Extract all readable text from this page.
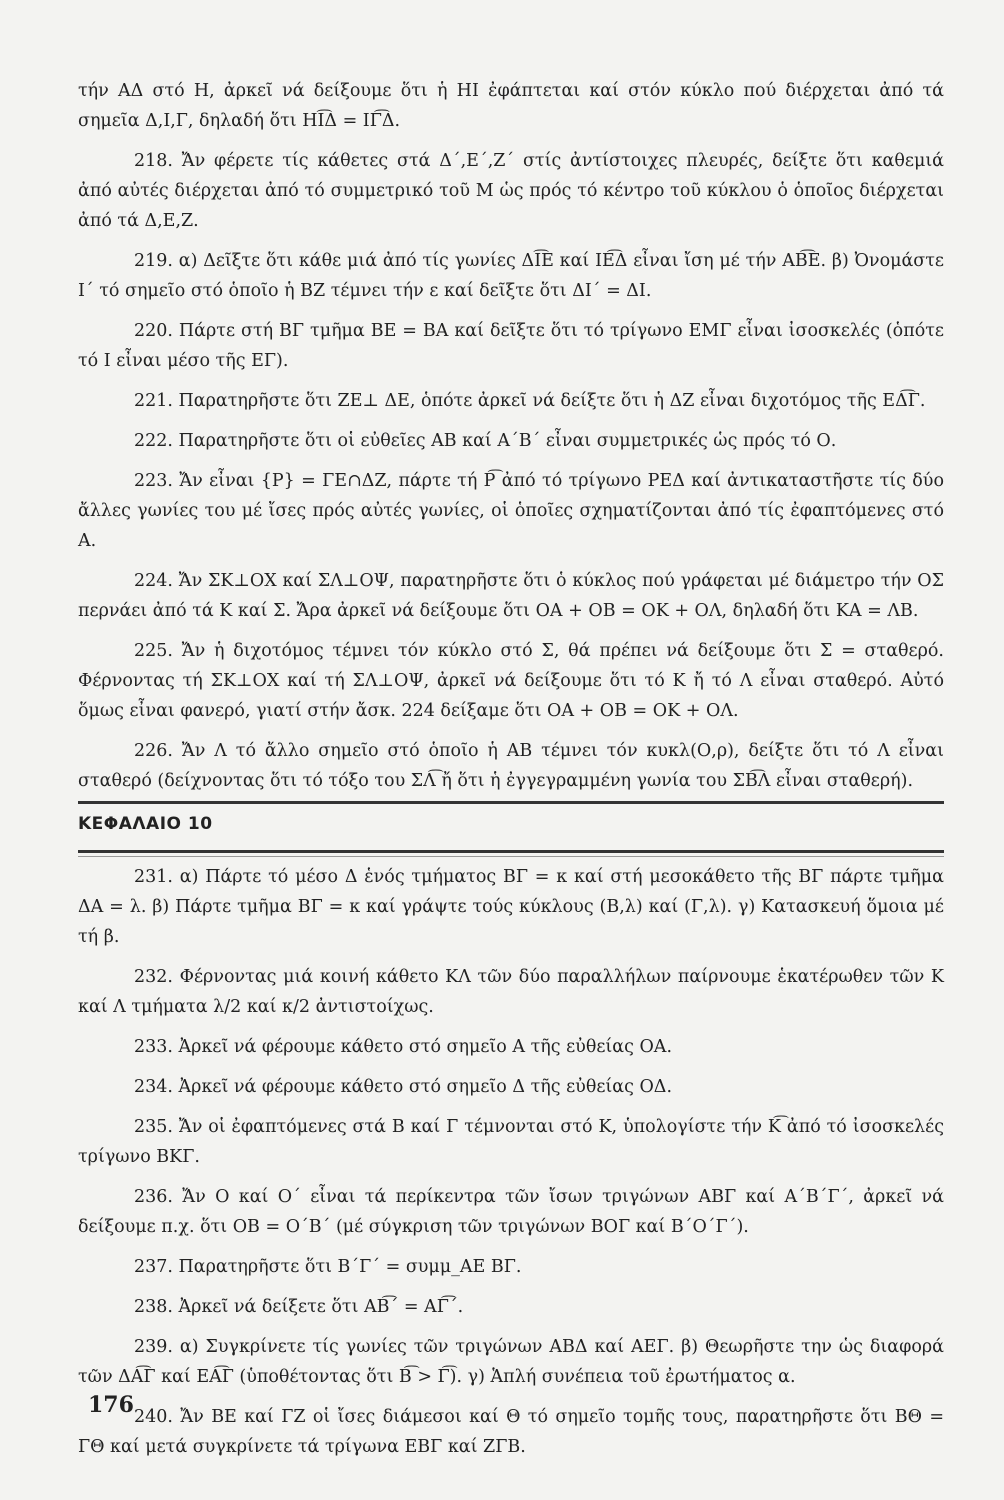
τήν ΑΔ στό Η, ἀρκεῖ νά δείξουμε ὅτι ἡ ΗΙ ἐφάπτεται καί στόν κύκλο πού διέρχεται ἀπό τά σημεῖα Δ,Ι,Γ, δηλαδή ὅτι ΗΙ͡Δ = ΙΓ͡Δ.

218. Ἄν φέρετε τίς κάθετες στά Δ΄,Ε΄,Ζ΄ στίς ἀντίστοιχες πλευρές, δείξτε ὅτι καθεμιά ἀπό αὐτές διέρχεται ἀπό τό συμμετρικό τοῦ Μ ὡς πρός τό κέντρο τοῦ κύκλου ὁ ὁποῖος διέρχεται ἀπό τά Δ,Ε,Ζ.

219. α) Δεῖξτε ὅτι κάθε μιά ἀπό τίς γωνίες ΔΙ͡Ε καί ΙΕ͡Δ εἶναι ἴση μέ τήν ΑΒ͡Ε. β) Ὀνομάστε Ι΄ τό σημεῖο στό ὁποῖο ἡ ΒΖ τέμνει τήν ε καί δεῖξτε ὅτι ΔΙ΄ = ΔΙ.

220. Πάρτε στή ΒΓ τμῆμα ΒΕ = ΒΑ καί δεῖξτε ὅτι τό τρίγωνο ΕΜΓ εἶναι ἰσοσκελές (ὁπότε τό Ι εἶναι μέσο τῆς ΕΓ).

221. Παρατηρῆστε ὅτι ΖΕ⊥ ΔΕ, ὁπότε ἀρκεῖ νά δείξτε ὅτι ἡ ΔΖ εἶναι διχοτόμος τῆς ΕΔ͡Γ.

222. Παρατηρῆστε ὅτι οἱ εὐθεῖες ΑΒ καί Α΄Β΄ εἶναι συμμετρικές ὡς πρός τό Ο.

223. Ἄν εἶναι {Ρ} = ΓΕ∩ΔΖ, πάρτε τή Ρ͡ ἀπό τό τρίγωνο ΡΕΔ καί ἀντικαταστῆστε τίς δύο ἄλλες γωνίες του μέ ἴσες πρός αὐτές γωνίες, οἱ ὁποῖες σχηματίζονται ἀπό τίς ἐφαπτόμενες στό Α.

224. Ἄν ΣΚ⊥ΟΧ καί ΣΛ⊥ΟΨ, παρατηρῆστε ὅτι ὁ κύκλος πού γράφεται μέ διάμετρο τήν ΟΣ περνάει ἀπό τά Κ καί Σ. Ἄρα ἀρκεῖ νά δείξουμε ὅτι ΟΑ + ΟΒ = ΟΚ + ΟΛ, δηλαδή ὅτι ΚΑ = ΛΒ.

225. Ἄν ἡ διχοτόμος τέμνει τόν κύκλο στό Σ, θά πρέπει νά δείξουμε ὅτι Σ = σταθερό. Φέρνοντας τή ΣΚ⊥ΟΧ καί τή ΣΛ⊥ΟΨ, ἀρκεῖ νά δείξουμε ὅτι τό Κ ἤ τό Λ εἶναι σταθερό. Αὐτό ὅμως εἶναι φανερό, γιατί στήν ἄσκ. 224 δείξαμε ὅτι ΟΑ + ΟΒ = ΟΚ + ΟΛ.

226. Ἄν Λ τό ἄλλο σημεῖο στό ὁποῖο ἡ ΑΒ τέμνει τόν κυκλ(Ο,ρ), δείξτε ὅτι τό Λ εἶναι σταθερό (δείχνοντας ὅτι τό τόξο του ΣΛ͡ ἤ ὅτι ἡ ἐγγεγραμμένη γωνία του ΣΒ͡Λ εἶναι σταθερή).

ΚΕΦΑΛΑΙΟ 10

231. α) Πάρτε τό μέσο Δ ἑνός τμήματος ΒΓ = κ καί στή μεσοκάθετο τῆς ΒΓ πάρτε τμῆμα ΔΑ = λ. β) Πάρτε τμῆμα ΒΓ = κ καί γράψτε τούς κύκλους (Β,λ) καί (Γ,λ). γ) Κατασκευή ὅμοια μέ τή β.

232. Φέρνοντας μιά κοινή κάθετο ΚΛ τῶν δύο παραλλήλων παίρνουμε ἑκατέρωθεν τῶν Κ καί Λ τμήματα λ/2 καί κ/2 ἀντιστοίχως.

233. Ἀρκεῖ νά φέρουμε κάθετο στό σημεῖο Α τῆς εὐθείας ΟΑ.

234. Ἀρκεῖ νά φέρουμε κάθετο στό σημεῖο Δ τῆς εὐθείας ΟΔ.

235. Ἄν οἱ ἐφαπτόμενες στά Β καί Γ τέμνονται στό Κ, ὑπολογίστε τήν Κ͡ ἀπό τό ἰσοσκελές τρίγωνο ΒΚΓ.

236. Ἄν Ο καί Ο΄ εἶναι τά περίκεντρα τῶν ἴσων τριγώνων ΑΒΓ καί Α΄Β΄Γ΄, ἀρκεῖ νά δείξουμε π.χ. ὅτι ΟΒ = Ο΄Β΄ (μέ σύγκριση τῶν τριγώνων ΒΟΓ καί Β΄Ο΄Γ΄).

237. Παρατηρῆστε ὅτι Β΄Γ΄ = συμμ_ΑΕ ΒΓ.

238. Ἀρκεῖ νά δείξετε ὅτι ΑΒ͡΄ = ΑΓ͡΄.

239. α) Συγκρίνετε τίς γωνίες τῶν τριγώνων ΑΒΔ καί ΑΕΓ. β) Θεωρῆστε την ὡς διαφορά τῶν ΔΑ͡Γ καί ΕΑ͡Γ (ὑποθέτοντας ὅτι Β͡ > Γ͡). γ) Ἁπλή συνέπεια τοῦ ἐρωτήματος α.

240. Ἄν ΒΕ καί ΓΖ οἱ ἴσες διάμεσοι καί Θ τό σημεῖο τομῆς τους, παρατηρῆστε ὅτι ΒΘ = ΓΘ καί μετά συγκρίνετε τά τρίγωνα ΕΒΓ καί ΖΓΒ.

176
